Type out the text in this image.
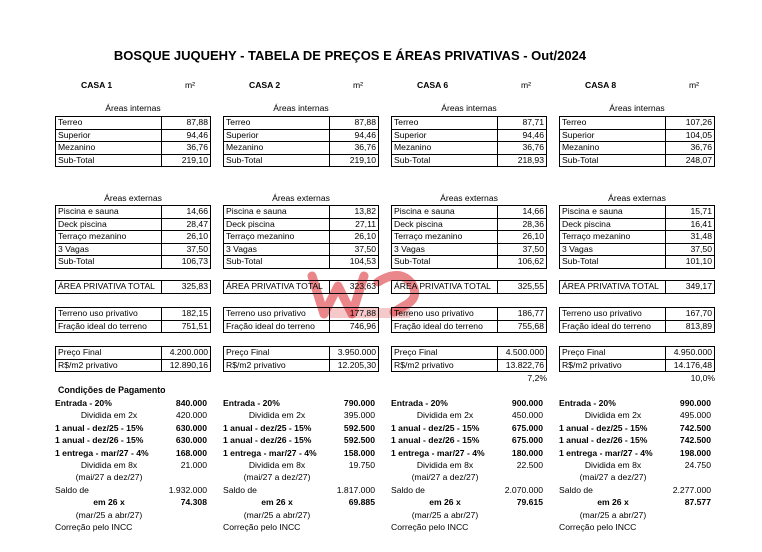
BOSQUE JUQUEHY - TABELA DE PREÇOS E ÁREAS PRIVATIVAS - Out/2024
Condições de Pagamento
CASA 1	m²
Áreas internas
Terreo	87,88
Superior	94,46
Mezanino	36,76
Sub-Total	219,10
Áreas externas
Piscina e sauna	14,66
Deck piscina	28,47
Terraço mezanino	26,10
3 Vagas	37,50
Sub-Total	106,73
ÁREA PRIVATIVA TOTAL	325,83
Terreno uso privativo	182,15
Fração ideal do terreno	751,51
Preço Final	4.200.000
R$/m2 privativo	12.890,16
Entrada - 20%	840.000
Dividida em 2x	420.000
1 anual - dez/25 - 15%	630.000
1 anual - dez/26 - 15%	630.000
1 entrega - mar/27 - 4%	168.000
Dividida em 8x	21.000
(mai/27 a dez/27)
Saldo de	1.932.000
em 26 x	74.308
(mar/25 a abr/27)
Correção pelo INCC
CASA 2	m²
Áreas internas
Terreo	87,88
Superior	94,46
Mezanino	36,76
Sub-Total	219,10
Áreas externas
Piscina e sauna	13,82
Deck piscina	27,11
Terraço mezanino	26,10
3 Vagas	37,50
Sub-Total	104,53
ÁREA PRIVATIVA TOTAL	323,63
Terreno uso privativo	177,88
Fração ideal do terreno	746,96
Preço Final	3.950.000
R$/m2 privativo	12.205,30
Entrada - 20%	790.000
Dividida em 2x	395.000
1 anual - dez/25 - 15%	592.500
1 anual - dez/26 - 15%	592.500
1 entrega - mar/27 - 4%	158.000
Dividida em 8x	19.750
(mai/27 a dez/27)
Saldo de	1.817.000
em 26 x	69.885
(mar/25 a abr/27)
Correção pelo INCC
CASA 6	m²
Áreas internas
Terreo	87,71
Superior	94,46
Mezanino	36,76
Sub-Total	218,93
Áreas externas
Piscina e sauna	14,66
Deck piscina	28,36
Terraço mezanino	26,10
3 Vagas	37,50
Sub-Total	106,62
ÁREA PRIVATIVA TOTAL	325,55
Terreno uso privativo	186,77
Fração ideal do terreno	755,68
Preço Final	4.500.000
R$/m2 privativo	13.822,76
7,2%
Entrada - 20%	900.000
Dividida em 2x	450.000
1 anual - dez/25 - 15%	675.000
1 anual - dez/26 - 15%	675.000
1 entrega - mar/27 - 4%	180.000
Dividida em 8x	22.500
(mai/27 a dez/27)
Saldo de	2.070.000
em 26 x	79.615
(mar/25 a abr/27)
Correção pelo INCC
CASA 8	m²
Áreas internas
Terreo	107,26
Superior	104,05
Mezanino	36,76
Sub-Total	248,07
Áreas externas
Piscina e sauna	15,71
Deck piscina	16,41
Terraço mezanino	31,48
3 Vagas	37,50
Sub-Total	101,10
ÁREA PRIVATIVA TOTAL	349,17
Terreno uso privativo	167,70
Fração ideal do terreno	813,89
Preço Final	4.950.000
R$/m2 privativo	14.176,48
10,0%
Entrada - 20%	990.000
Dividida em 2x	495.000
1 anual - dez/25 - 15%	742.500
1 anual - dez/26 - 15%	742.500
1 entrega - mar/27 - 4%	198.000
Dividida em 8x	24.750
(mai/27 a dez/27)
Saldo de	2.277.000
em 26 x	87.577
(mar/25 a abr/27)
Correção pelo INCC
